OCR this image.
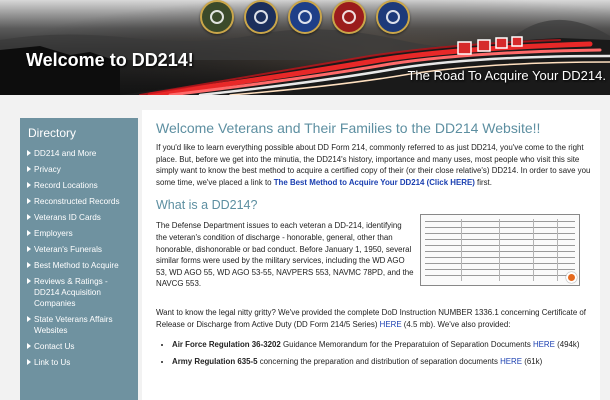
Welcome to DD214!
The Road To Acquire Your DD214.
Directory
DD214 and More
Privacy
Record Locations
Reconstructed Records
Veterans ID Cards
Employers
Veteran's Funerals
Best Method to Acquire
Reviews & Ratings - DD214 Acquisition Companies
State Veterans Affairs Websites
Contact Us
Link to Us
Welcome Veterans and Their Families to the DD214 Website!!

If you'd like to learn everything possible about DD Form 214, commonly referred to as just DD214, you've come to the right place. But, before we get into the minutia, the DD214's history, importance and many uses, most people who visit this site simply want to know the best method to acquire a certified copy of their (or their close relative's) DD214. In order to save you some time, we've placed a link to The Best Method to Acquire Your DD214 (Click HERE) first.

What is a DD214?

The Defense Department issues to each veteran a DD-214, identifying the veteran's condition of discharge - honorable, general, other than honorable, dishonorable or bad conduct. Before January 1, 1950, several similar forms were used by the military services, including the WD AGO 53, WD AGO 55, WD AGO 53-55, NAVPERS 553, NAVMC 78PD, and the NAVCG 553.

Want to know the legal nitty gritty? We've provided the complete DoD Instruction NUMBER 1336.1 concerning Certificate of Release or Discharge from Active Duty (DD Form 214/5 Series) HERE (4.5 mb). We've also provided:

• Air Force Regulation 36-3202 Guidance Memorandum for the Preparatuion of Separation Documents HERE (494k)
• Army Regulation 635-5 concerning the preparation and distribution of separation documents HERE (61k)
